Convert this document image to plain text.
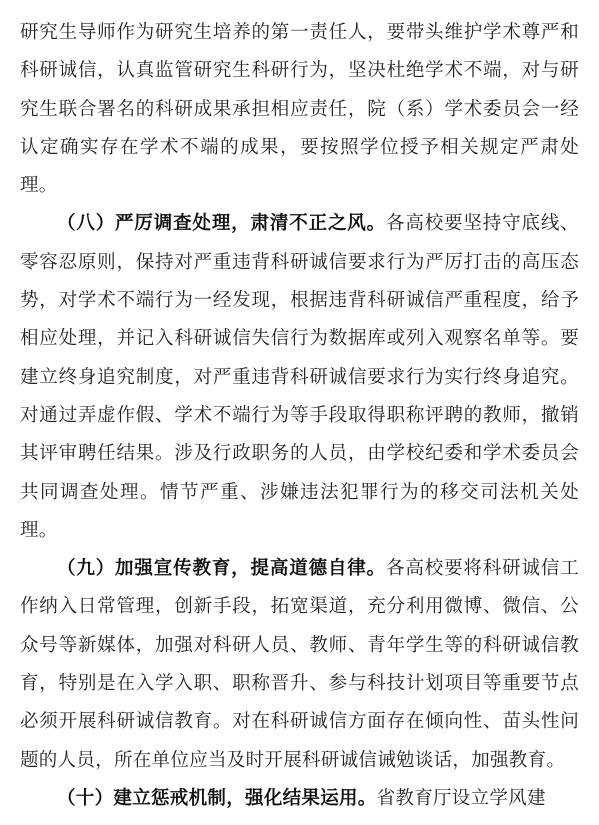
研究生导师作为研究生培养的第一责任人，要带头维护学术尊严和科研诚信，认真监管研究生科研行为，坚决杜绝学术不端，对与研究生联合署名的科研成果承担相应责任，院（系）学术委员会一经认定确实存在学术不端的成果，要按照学位授予相关规定严肃处理。

（八）严厉调查处理，肃清不正之风。各高校要坚持守底线、零容忍原则，保持对严重违背科研诚信要求行为严厉打击的高压态势，对学术不端行为一经发现，根据违背科研诚信严重程度，给予相应处理，并记入科研诚信失信行为数据库或列入观察名单等。要建立终身追究制度，对严重违背科研诚信要求行为实行终身追究。对通过弄虚作假、学术不端行为等手段取得职称评聘的教师，撤销其评审聘任结果。涉及行政职务的人员，由学校纪委和学术委员会共同调查处理。情节严重、涉嫌违法犯罪行为的移交司法机关处理。

（九）加强宣传教育，提高道德自律。各高校要将科研诚信工作纳入日常管理，创新手段，拓宽渠道，充分利用微博、微信、公众号等新媒体，加强对科研人员、教师、青年学生等的科研诚信教育，特别是在入学入职、职称晋升、参与科技计划项目等重要节点必须开展科研诚信教育。对在科研诚信方面存在倾向性、苗头性问题的人员，所在单位应当及时开展科研诚信诫勉谈话，加强教育。

（十）建立惩戒机制，强化结果运用。省教育厅设立学风建
